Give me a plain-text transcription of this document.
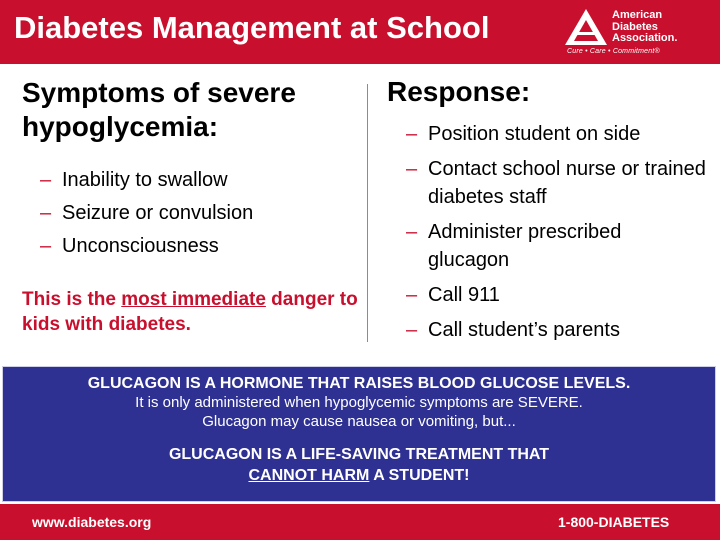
Diabetes Management at School	American
Diabetes
Association.
Cure • Care • Commitment®
Symptoms of severe hypoglycemia:
– Inability to swallow
– Seizure or convulsion
– Unconsciousness
This is the most immediate danger to kids with diabetes.
Response:
– Position student on side
– Contact school nurse or trained diabetes staff
– Administer prescribed glucagon
– Call 911
– Call student’s parents
GLUCAGON IS A HORMONE THAT RAISES BLOOD GLUCOSE LEVELS.
It is only administered when hypoglycemic symptoms are SEVERE.
Glucagon may cause nausea or vomiting, but...
GLUCAGON IS A LIFE-SAVING TREATMENT THAT
CANNOT HARM A STUDENT!
www.diabetes.org	1-800-DIABETES
